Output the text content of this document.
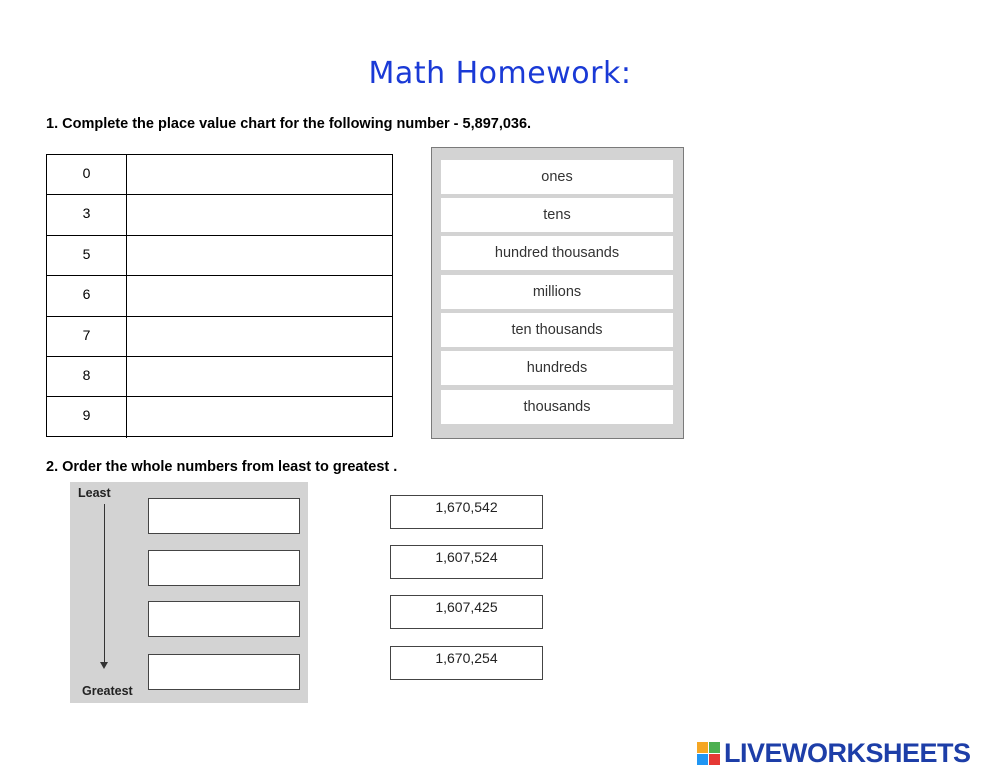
Math Homework:
1. Complete the place value chart for the following number - 5,897,036.
0
3
5
6
7
8
9
ones
tens
hundred thousands
millions
ten thousands
hundreds
thousands
2. Order the whole numbers from least to greatest .
Least
Greatest
1,670,542
1,607,524
1,607,425
1,670,254
LIVEWORKSHEETS
